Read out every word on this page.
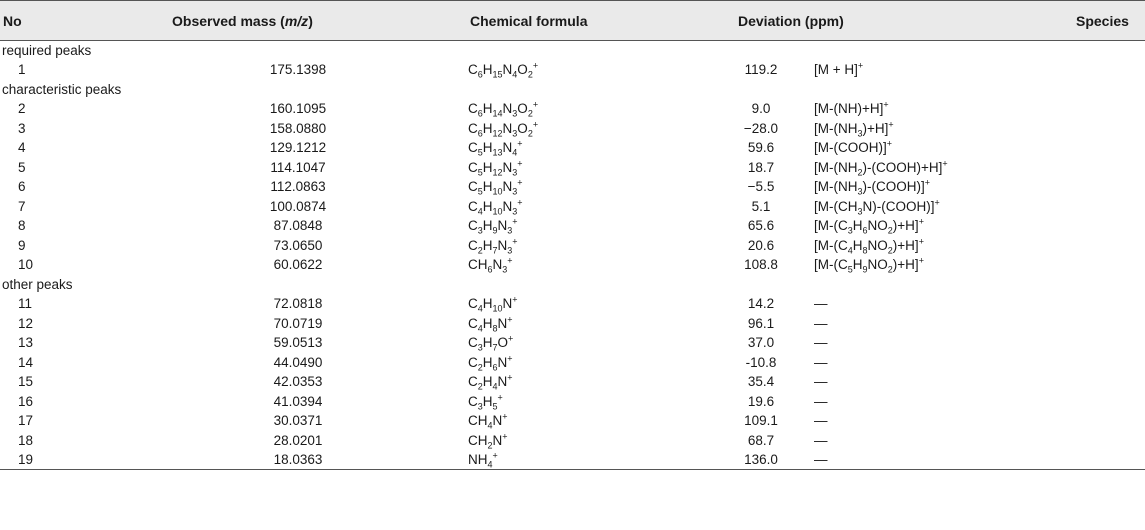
No	Observed mass (m/z)	Chemical formula	Deviation (ppm)	Species
required peaks
1	175.1398	$C_6H_{15}N_4O_2^+$	119.2	[M + H]+
characteristic peaks
2	160.1095	$C_6H_{14}N_3O_2^+$	9.0	[M-(NH)+H]+
3	158.0880	$C_6H_{12}N_3O_2^+$	−28.0	$[M-(NH_3)+H]^+$
4	129.1212	$C_5H_{13}N_4^+$	59.6	[M-(COOH)]+
5	114.1047	$C_5H_{12}N_3^+$	18.7	$[M-(NH_2)-(COOH)+H]^+$
6	112.0863	$C_5H_{10}N_3^+$	−5.5	$[M-(NH_3)-(COOH)]^+$
7	100.0874	$C_4H_{10}N_3^+$	5.1	$[M-(CH_3N)-(COOH)]^+$
8	87.0848	$C_3H_9N_3^+$	65.6	$[M-(C_3H_6NO_2)+H]^+$
9	73.0650	$C_2H_7N_3^+$	20.6	$[M-(C_4H_8NO_2)+H]^+$
10	60.0622	$CH_6N_3^+$	108.8	$[M-(C_5H_9NO_2)+H]^+$
other peaks
11	72.0818	$C_4H_{10}N^+$	14.2	—
12	70.0719	$C_4H_8N^+$	96.1	—
13	59.0513	$C_3H_7O^+$	37.0	—
14	44.0490	$C_2H_6N^+$	-10.8	—
15	42.0353	$C_2H_4N^+$	35.4	—
16	41.0394	$C_3H_5^+$	19.6	—
17	30.0371	$CH_4N^+$	109.1	—
18	28.0201	$CH_2N^+$	68.7	—
19	18.0363	$NH_4^+$	136.0	—
